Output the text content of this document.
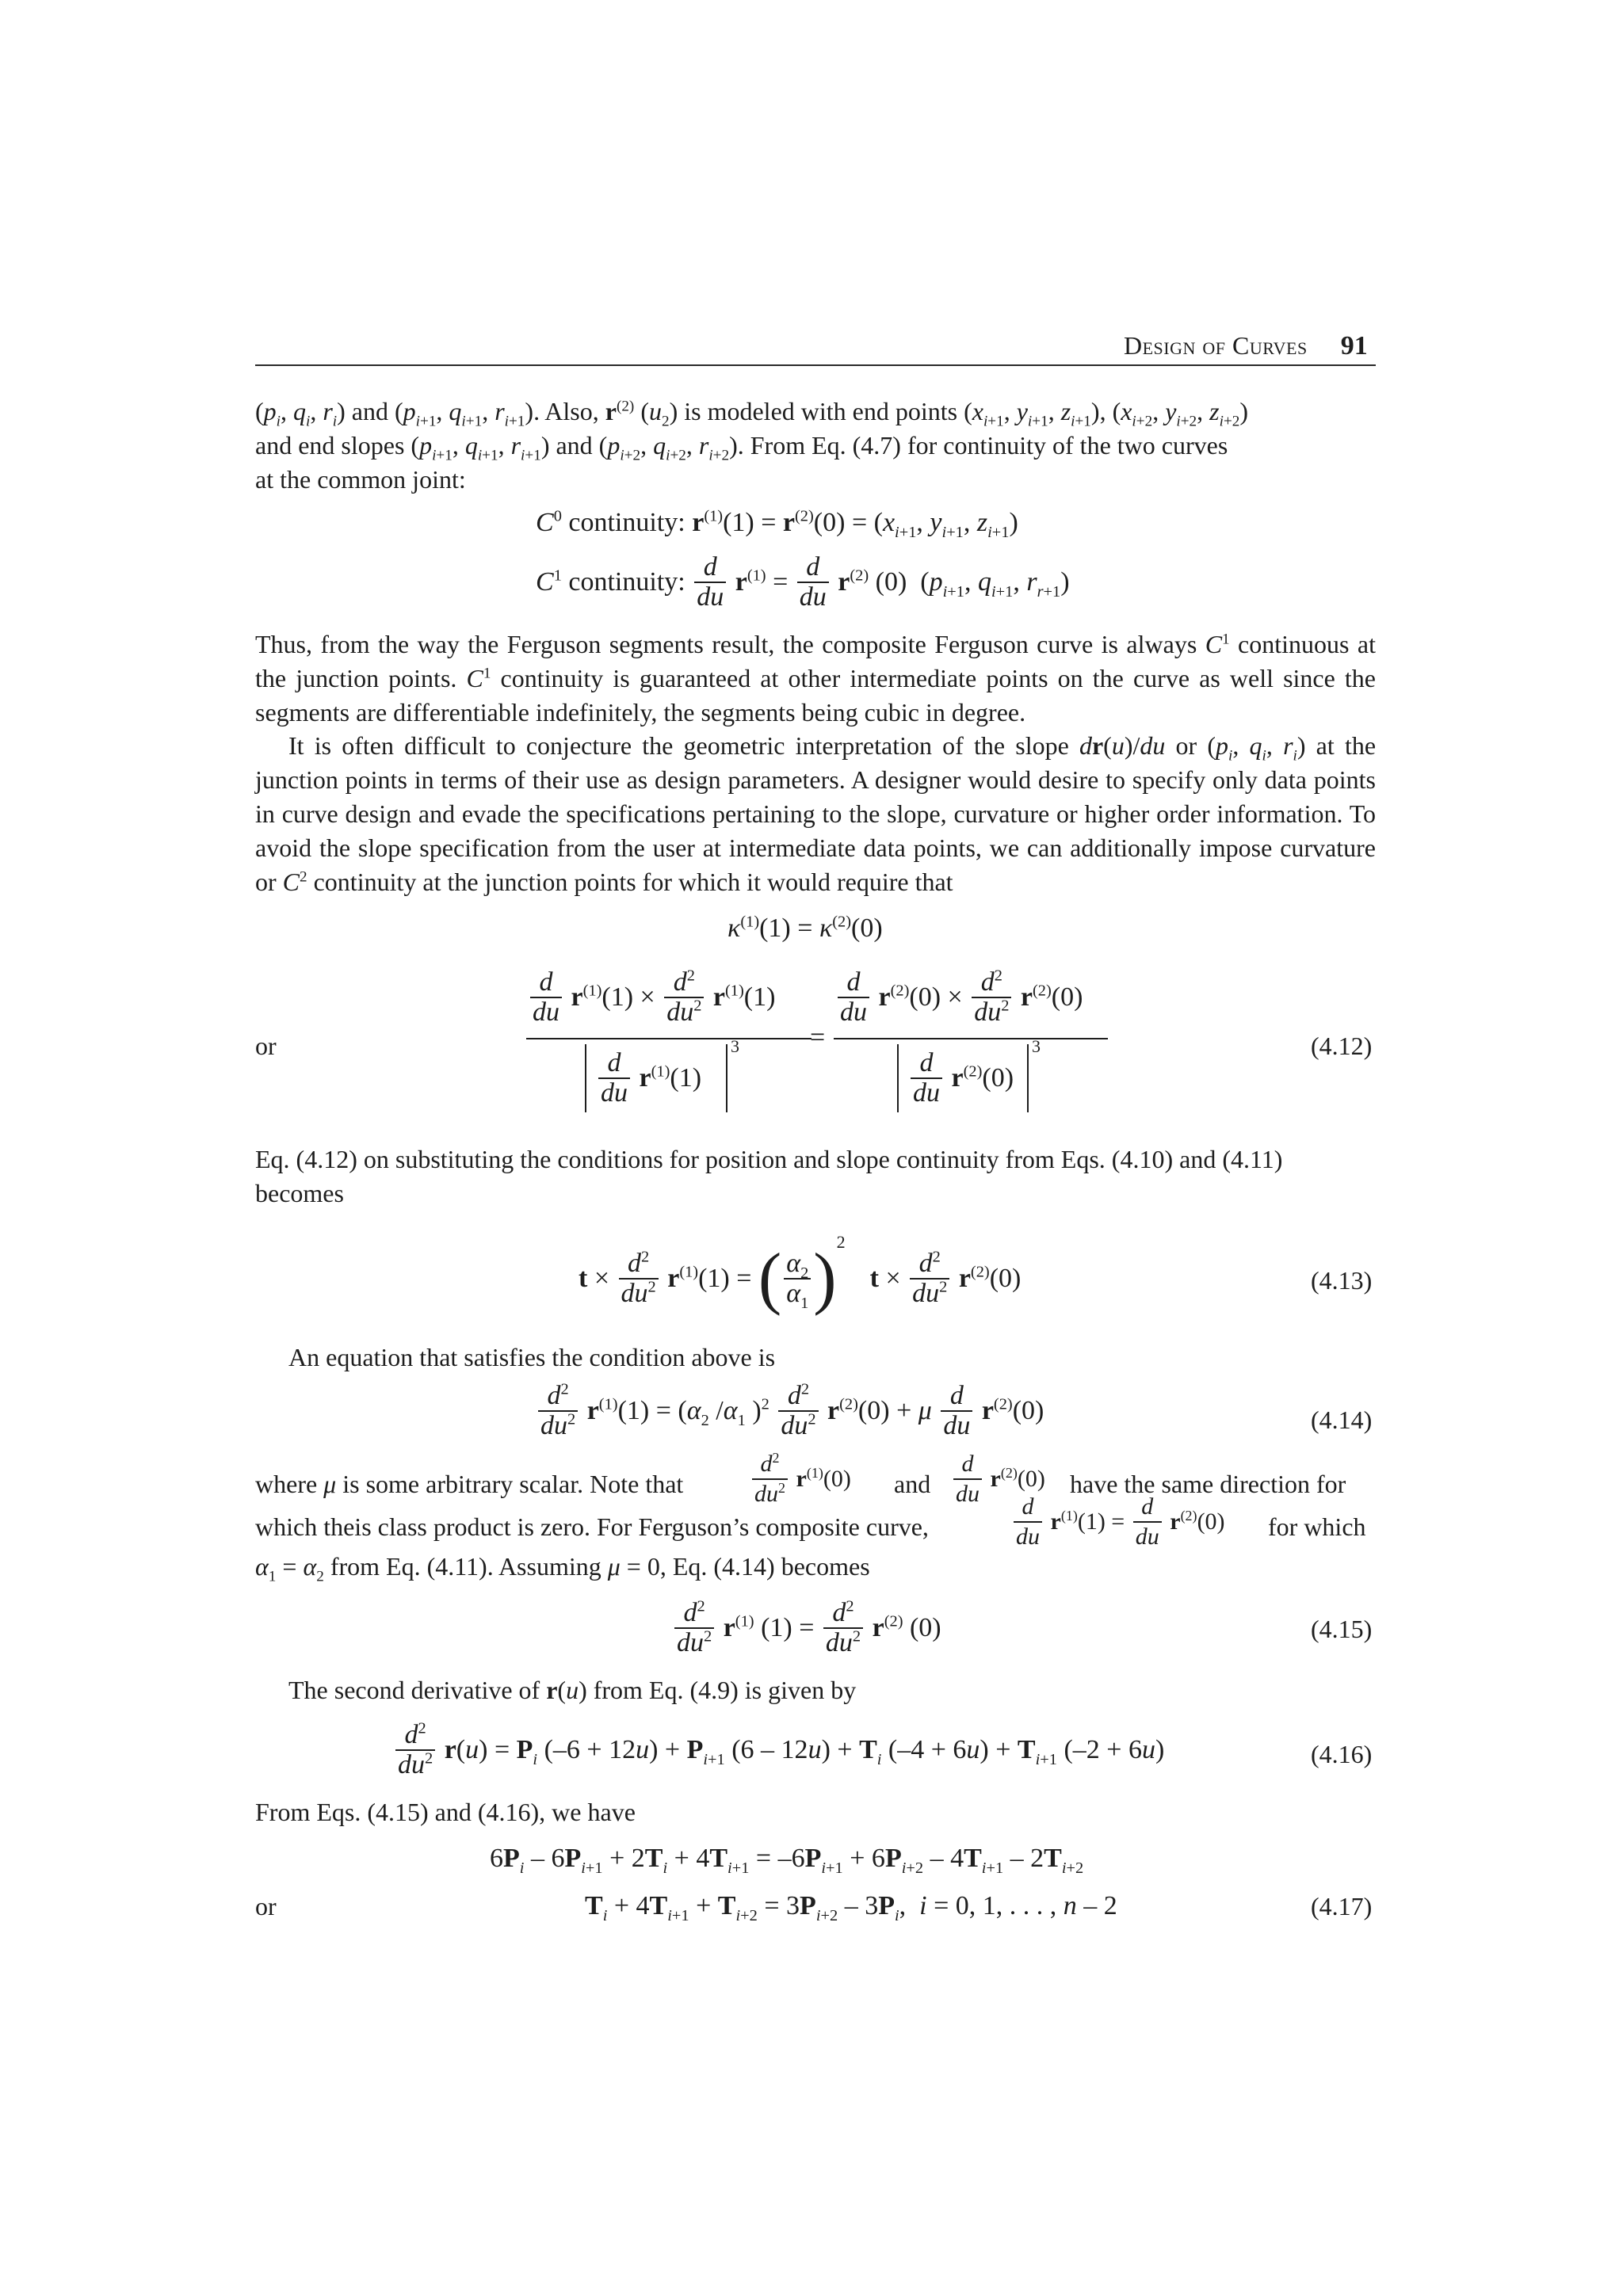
Design of Curves 91
($p_i$, $q_i$, $r_i$) and ($p_{i+1}$, $q_{i+1}$, $r_{i+1}$). Also, $r^{(2)}$ $(u_2)$ is modeled with end points ($x_{i+1}$, $y_{i+1}$, $z_{i+1}$), ($x_{i+2}$, $y_{i+2}$, $z_{i+2}$)
and end slopes ($p_{i+1}$, $q_{i+1}$, $r_{i+1}$) and ($p_{i+2}$, $q_{i+2}$, $r_{i+2}$). From Eq. (4.7) for continuity of the two curves
at the common joint:
$C^0$ continuity: $r^{(1)}(1) = r^{(2)}(0) = (x_{i+1}$, $y_{i+1}$, $z_{i+1}$)
$C^1$ continuity: $\frac{d}{du} r^{(1)} = \frac{d}{du} r^{(2)}$ (0)  ($p_{i+1}$, $q_{i+1}$, $r_{r+1}$)
Thus, from the way the Ferguson segments result, the composite Ferguson curve is always $C^1$ continuous at the junction points. $C^1$ continuity is guaranteed at other intermediate points on the curve as well since the segments are differentiable indefinitely, the segments being cubic in degree.
It is often difficult to conjecture the geometric interpretation of the slope dr(u)/du or ($p_i$, $q_i$, $r_i$) at the junction points in terms of their use as design parameters. A designer would desire to specify only data points in curve design and evade the specifications pertaining to the slope, curvature or higher order information. To avoid the slope specification from the user at intermediate data points, we can additionally impose curvature or $C^2$ continuity at the junction points for which it would require that
$\kappa^{(1)}(1) = \kappa^{(2)}(0)$
or
$\frac{d}{du} r^{(1)}(1) \times \frac{d^2}{du^2} r^{(1)}(1)$
$\frac{d}{du} r^{(1)}(1)$
3	=
$\frac{d}{du} r^{(2)}(0) \times \frac{d^2}{du^2} r^{(2)}(0)$
$\frac{d}{du} r^{(2)}(0)$
3	(4.12)
Eq. (4.12) on substituting the conditions for position and slope continuity from Eqs. (4.10) and (4.11)
becomes
$t \times \frac{d^2}{du^2} r^{(1)}(1)$ = ( $\frac{\alpha_2}{\alpha_1} )^2$  $t \times \frac{d^2}{du^2} r^{(2)}(0)$	(4.13)
An equation that satisfies the condition above is
$\frac{d^2}{du^2} r^{(1)}(1) = (\alpha_2$ $/\alpha_1$ )$^2 \frac{d^2}{du^2} r^{(2)}(0) + \mu \frac{d}{du} r^{(2)}(0)$	(4.14)
where μ is some arbitrary scalar. Note that	$\frac{d^2}{du^2} r^{(1)}(0)$ and $\frac{d}{du} r^{(2)}(0)$ have the same direction for
which theis class product is zero. For Ferguson’s composite curve,	$\frac{d}{du} r^{(1)}(1) = \frac{d}{du} r^{(2)}(0)$ for which
$\alpha_1 = \alpha_2$ from Eq. (4.11). Assuming μ = 0, Eq. (4.14) becomes
$\frac{d^2}{du^2} r^{(1)}$ $(1) = \frac{d^2}{du^2} r^{(2)}$ (0)	(4.15)
The second derivative of r(u) from Eq. (4.9) is given by
$\frac{d^2}{du^2} r(u) = P_i$ $(-6 + 12u) + P_{i+1}$ $(6 - 12u) + T_i$ $(-4 + 6u) + T_{i+1}$ (–2 + 6u)	(4.16)
From Eqs. (4.15) and (4.16), we have
$6P_i - 6P_{i+1} + 2T_i + 4T_{i+1} = -6P_{i+1} + 6P_{i+2} - 4T_{i+1} - 2T_{i+2}$
or	$T_i + 4T_{i+1} + T_{i+2} = 3P_{i+2} - 3P_i$,  i = 0, 1, . . . , n – 2	(4.17)
